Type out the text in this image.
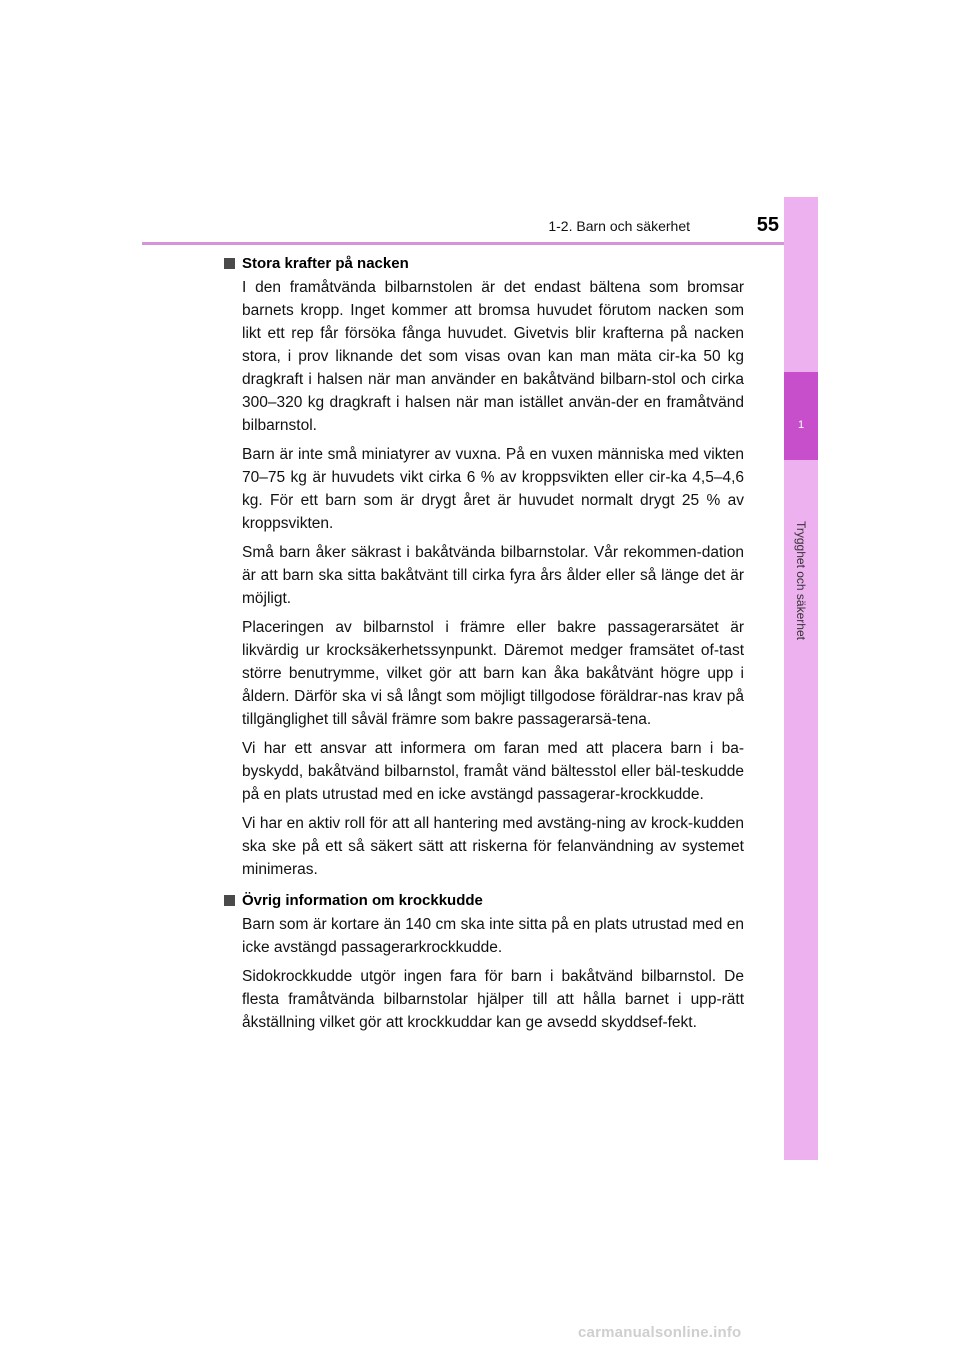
1-2. Barn och säkerhet	55
1
Trygghet och säkerhet
Stora krafter på nacken

I den framåtvända bilbarnstolen är det endast bältena som bromsar barnets kropp. Inget kommer att bromsa huvudet förutom nacken som likt ett rep får försöka fånga huvudet. Givetvis blir krafterna på nacken stora, i prov liknande det som visas ovan kan man mäta cir-ka 50 kg dragkraft i halsen när man använder en bakåtvänd bilbarn-stol och cirka 300–320 kg dragkraft i halsen när man istället använ-der en framåtvänd bilbarnstol.

Barn är inte små miniatyrer av vuxna. På en vuxen människa med vikten 70–75 kg är huvudets vikt cirka 6 % av kroppsvikten eller cir-ka 4,5–4,6 kg. För ett barn som är drygt året är huvudet normalt drygt 25 % av kroppsvikten.

Små barn åker säkrast i bakåtvända bilbarnstolar. Vår rekommen-dation är att barn ska sitta bakåtvänt till cirka fyra års ålder eller så länge det är möjligt.

Placeringen av bilbarnstol i främre eller bakre passagerarsätet är likvärdig ur krocksäkerhetssynpunkt. Däremot medger framsätet of-tast större benutrymme, vilket gör att barn kan åka bakåtvänt högre upp i åldern. Därför ska vi så långt som möjligt tillgodose föräldrar-nas krav på tillgänglighet till såväl främre som bakre passagerarsä-tena.

Vi har ett ansvar att informera om faran med att placera barn i ba-byskydd, bakåtvänd bilbarnstol, framåt vänd bältesstol eller bäl-teskudde på en plats utrustad med en icke avstängd passagerar-krockkudde.

Vi har en aktiv roll för att all hantering med avstäng-ning av krock-kudden ska ske på ett så säkert sätt att riskerna för felanvändning av systemet minimeras.

Övrig information om krockkudde

Barn som är kortare än 140 cm ska inte sitta på en plats utrustad med en icke avstängd passagerarkrockkudde.

Sidokrockkudde utgör ingen fara för barn i bakåtvänd bilbarnstol. De flesta framåtvända bilbarnstolar hjälper till att hålla barnet i upp-rätt åkställning vilket gör att krockkuddar kan ge avsedd skyddsef-fekt.

carmanualsonline.info
